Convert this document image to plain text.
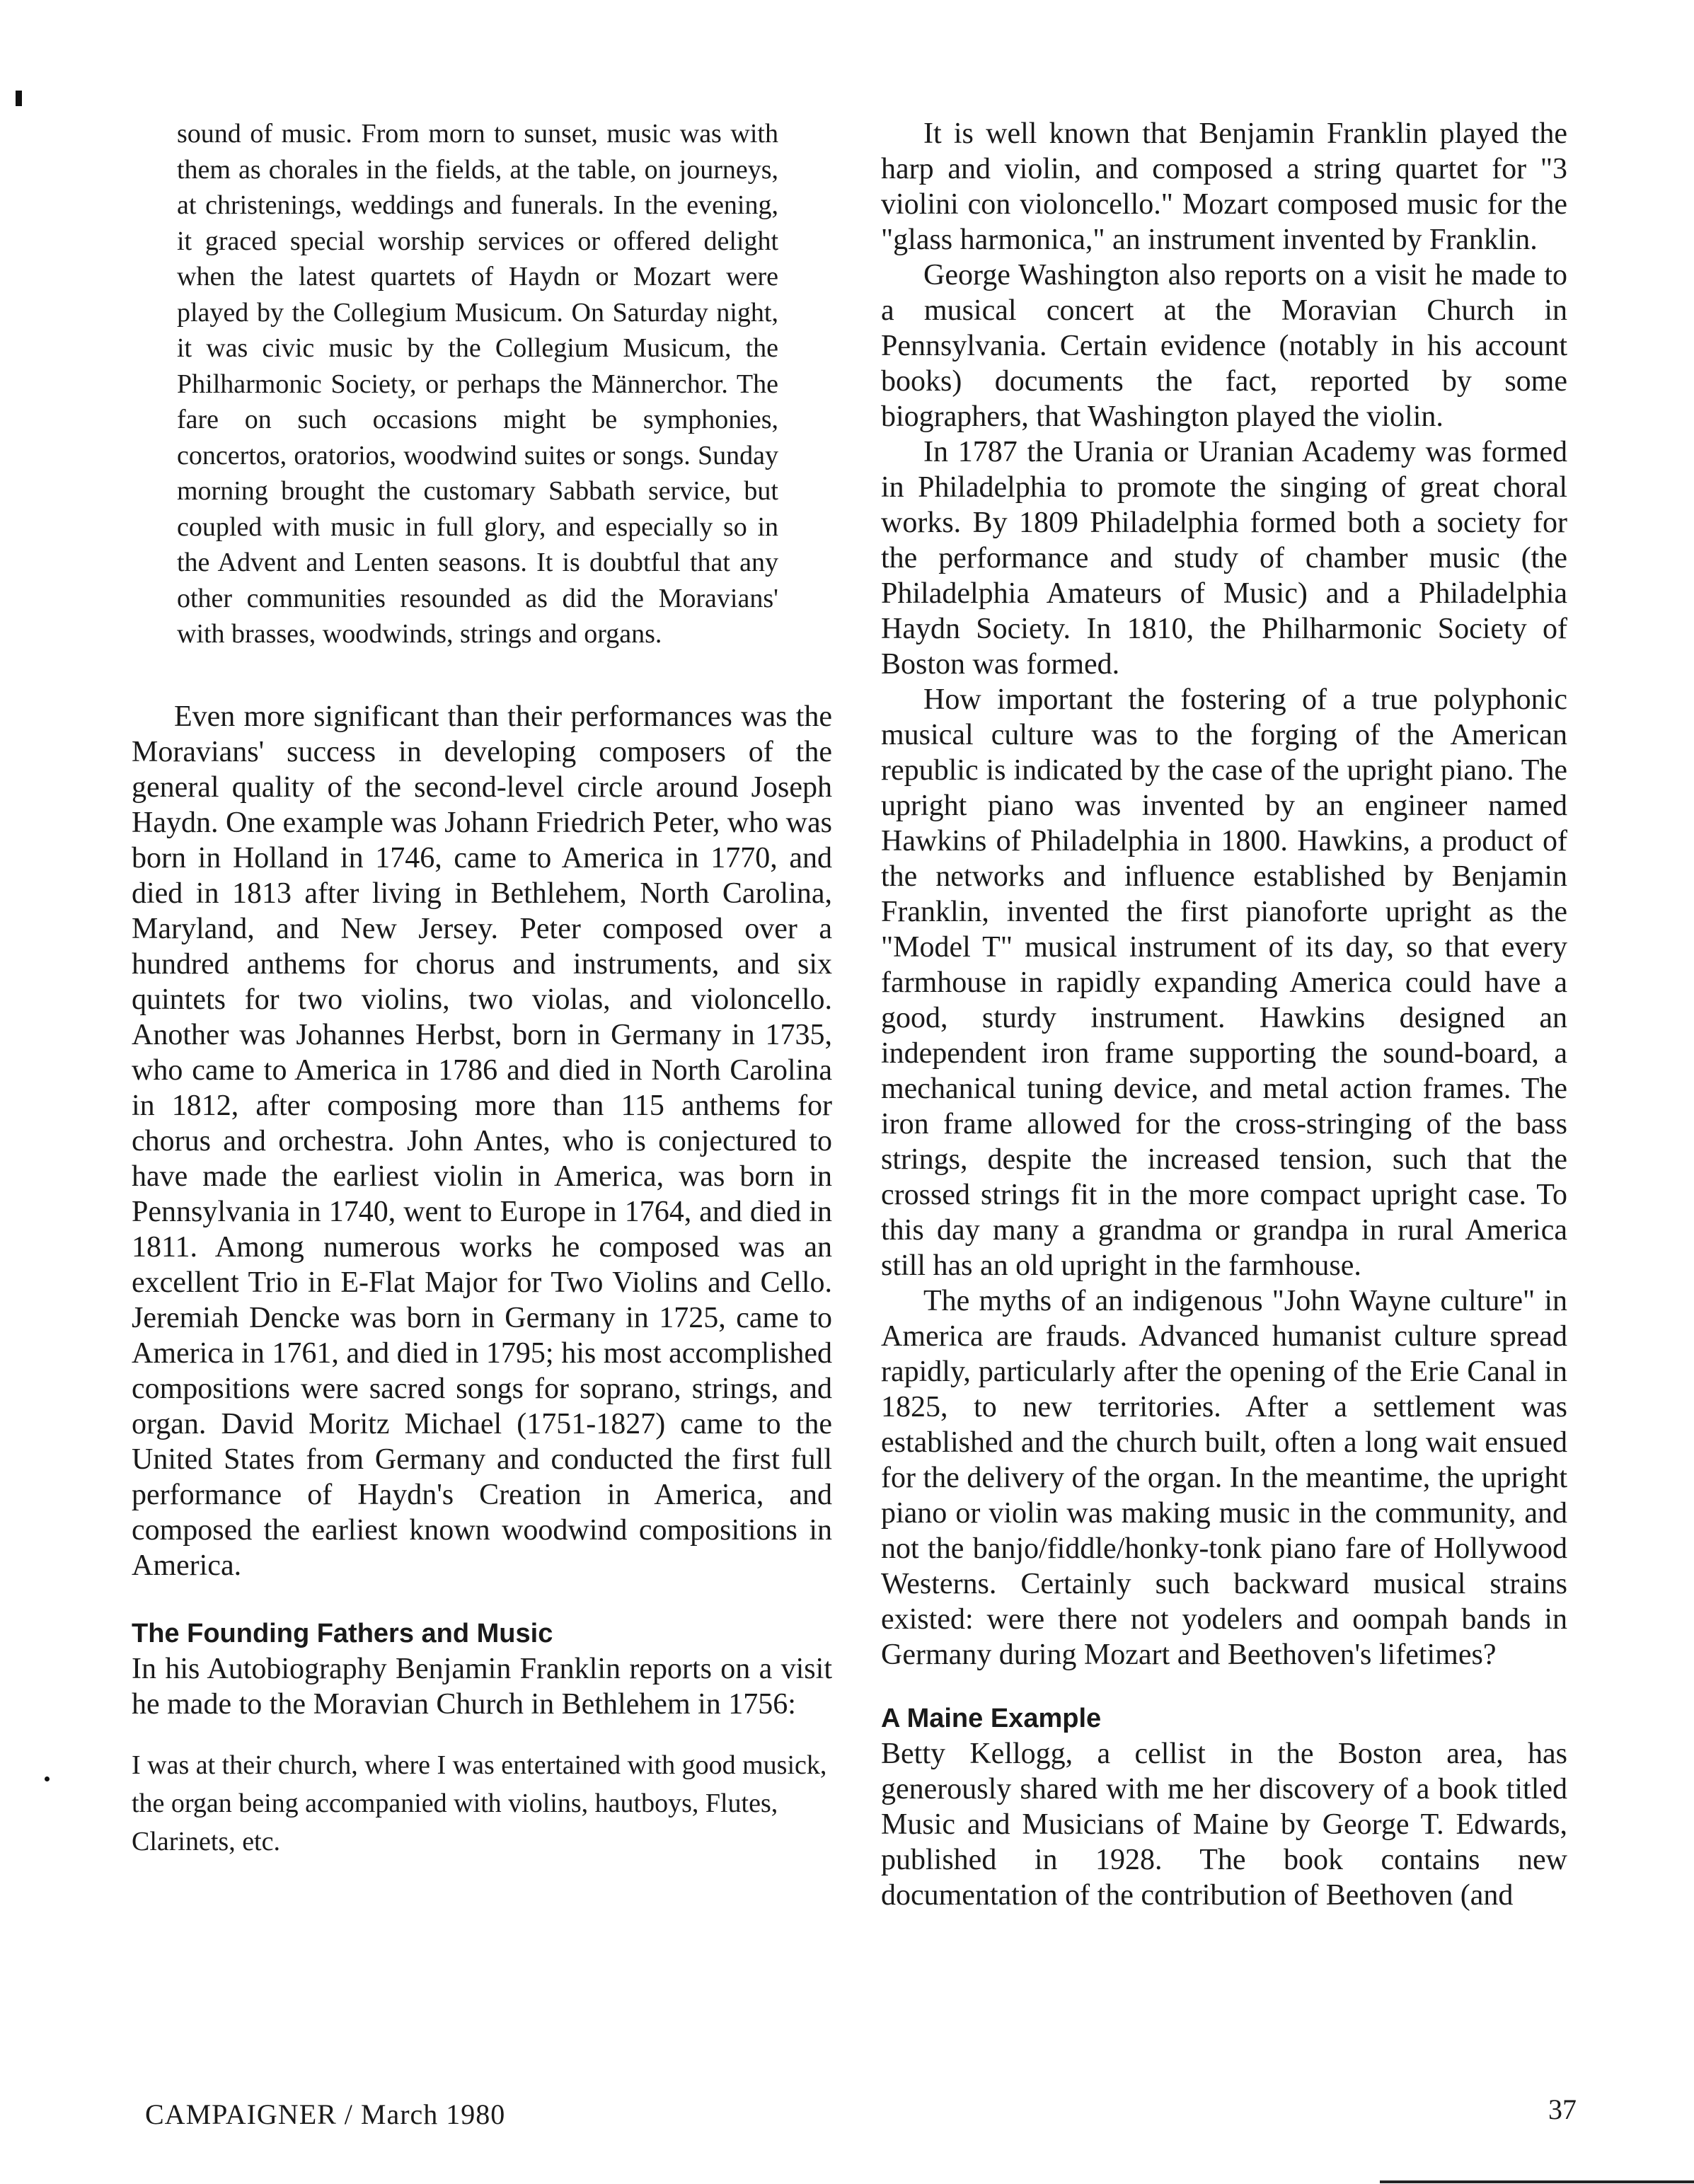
sound of music. From morn to sunset, music was with them as chorales in the fields, at the table, on journeys, at christenings, weddings and funerals. In the evening, it graced special worship services or offered delight when the latest quartets of Haydn or Mozart were played by the Collegium Musicum. On Saturday night, it was civic music by the Collegium Musicum, the Philharmonic Society, or perhaps the Männerchor. The fare on such occasions might be symphonies, concertos, oratorios, woodwind suites or songs. Sunday morning brought the customary Sabbath service, but coupled with music in full glory, and especially so in the Advent and Lenten seasons. It is doubtful that any other communities resounded as did the Moravians' with brasses, woodwinds, strings and organs.

Even more significant than their performances was the Moravians' success in developing composers of the general quality of the second-level circle around Joseph Haydn. One example was Johann Friedrich Peter, who was born in Holland in 1746, came to America in 1770, and died in 1813 after living in Bethlehem, North Carolina, Maryland, and New Jersey. Peter composed over a hundred anthems for chorus and instruments, and six quintets for two violins, two violas, and violoncello. Another was Johannes Herbst, born in Germany in 1735, who came to America in 1786 and died in North Carolina in 1812, after composing more than 115 anthems for chorus and orchestra. John Antes, who is conjectured to have made the earliest violin in America, was born in Pennsylvania in 1740, went to Europe in 1764, and died in 1811. Among numerous works he composed was an excellent Trio in E-Flat Major for Two Violins and Cello. Jeremiah Dencke was born in Germany in 1725, came to America in 1761, and died in 1795; his most accomplished compositions were sacred songs for soprano, strings, and organ. David Moritz Michael (1751-1827) came to the United States from Germany and conducted the first full performance of Haydn's Creation in America, and composed the earliest known woodwind compositions in America.

The Founding Fathers and Music

In his Autobiography Benjamin Franklin reports on a visit he made to the Moravian Church in Bethlehem in 1756:

I was at their church, where I was entertained with good musick, the organ being accompanied with violins, hautboys, Flutes, Clarinets, etc.

It is well known that Benjamin Franklin played the harp and violin, and composed a string quartet for "3 violini con violoncello." Mozart composed music for the "glass harmonica," an instrument invented by Franklin.

George Washington also reports on a visit he made to a musical concert at the Moravian Church in Pennsylvania. Certain evidence (notably in his account books) documents the fact, reported by some biographers, that Washington played the violin.

In 1787 the Urania or Uranian Academy was formed in Philadelphia to promote the singing of great choral works. By 1809 Philadelphia formed both a society for the performance and study of chamber music (the Philadelphia Amateurs of Music) and a Philadelphia Haydn Society. In 1810, the Philharmonic Society of Boston was formed.

How important the fostering of a true polyphonic musical culture was to the forging of the American republic is indicated by the case of the upright piano. The upright piano was invented by an engineer named Hawkins of Philadelphia in 1800. Hawkins, a product of the networks and influence established by Benjamin Franklin, invented the first pianoforte upright as the "Model T" musical instrument of its day, so that every farmhouse in rapidly expanding America could have a good, sturdy instrument. Hawkins designed an independent iron frame supporting the sound-board, a mechanical tuning device, and metal action frames. The iron frame allowed for the cross-stringing of the bass strings, despite the increased tension, such that the crossed strings fit in the more compact upright case. To this day many a grandma or grandpa in rural America still has an old upright in the farmhouse.

The myths of an indigenous "John Wayne culture" in America are frauds. Advanced humanist culture spread rapidly, particularly after the opening of the Erie Canal in 1825, to new territories. After a settlement was established and the church built, often a long wait ensued for the delivery of the organ. In the meantime, the upright piano or violin was making music in the community, and not the banjo/fiddle/honky-tonk piano fare of Hollywood Westerns. Certainly such backward musical strains existed: were there not yodelers and oompah bands in Germany during Mozart and Beethoven's lifetimes?

A Maine Example

Betty Kellogg, a cellist in the Boston area, has generously shared with me her discovery of a book titled Music and Musicians of Maine by George T. Edwards, published in 1928. The book contains new documentation of the contribution of Beethoven (and

CAMPAIGNER / March 1980	37
